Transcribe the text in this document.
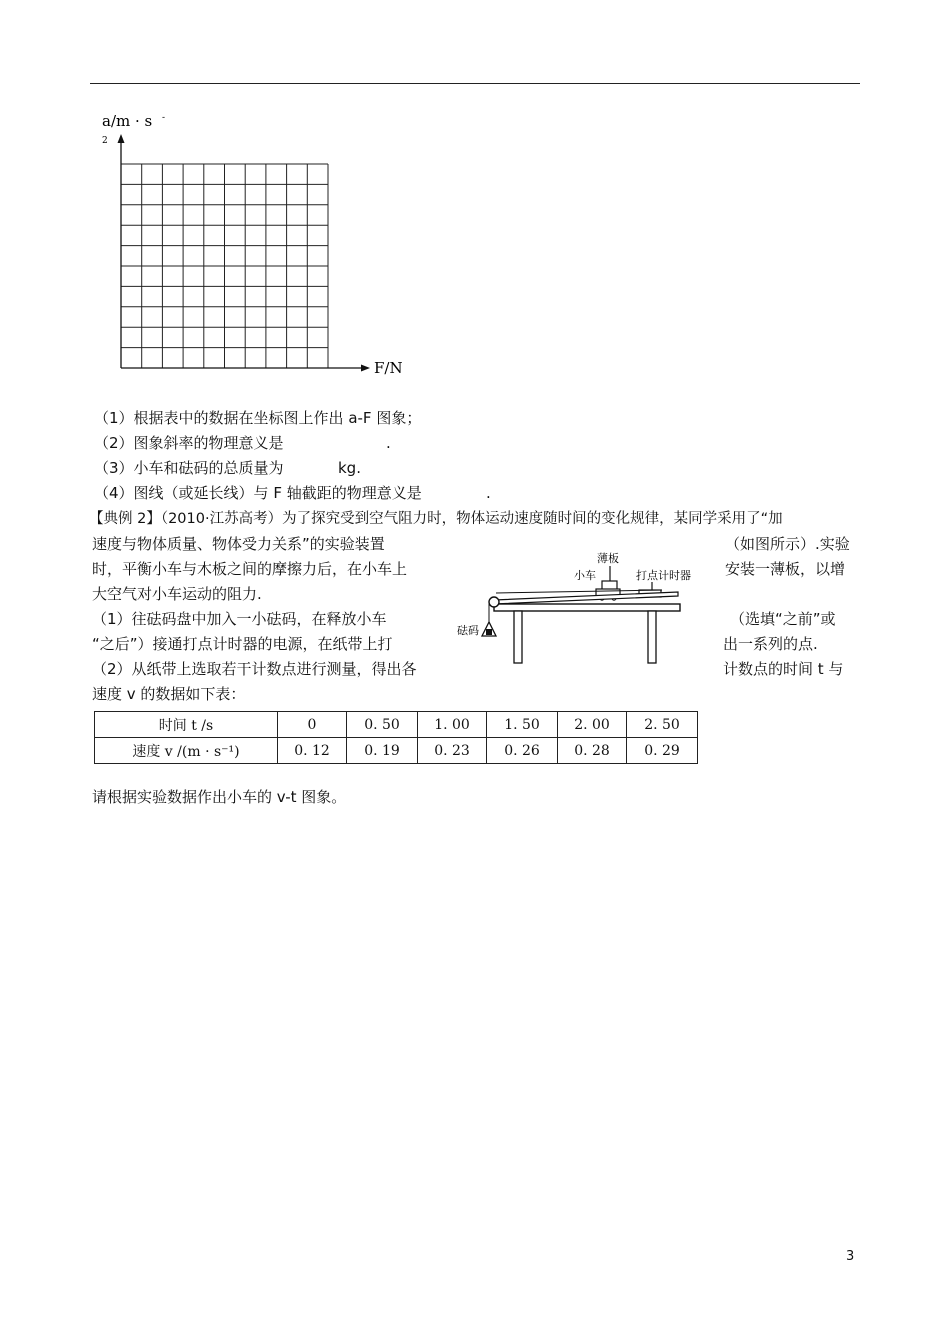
a/m · s -
2
F/N
（1）根据表中的数据在坐标图上作出 a-F 图象；
（2）图象斜率的物理意义是	.
（3）小车和砝码的总质量为	kg.
（4）图线（或延长线）与 F 轴截距的物理意义是	.
【典例 2】（2010·江苏高考）为了探究受到空气阻力时，物体运动速度随时间的变化规律，某同学采用了“加
速度与物体质量、物体受力关系”的实验装置	（如图所示）.实验
时，平衡小车与木板之间的摩擦力后，在小车上	安装一薄板，以增
大空气对小车运动的阻力.
（1）往砝码盘中加入一小砝码，在释放小车	（选填“之前”或
“之后”）接通打点计时器的电源，在纸带上打	出一系列的点.
（2）从纸带上选取若干计数点进行测量，得出各	计数点的时间 t 与
速度 v 的数据如下表：
薄板
小车	打点计时器
砝码
时间 t /s	0	0. 50	1. 00	1. 50	2. 00	2. 50
速度 v /(m · s⁻¹)	0. 12	0. 19	0. 23	0. 26	0. 28	0. 29
请根据实验数据作出小车的 v-t 图象。
3
